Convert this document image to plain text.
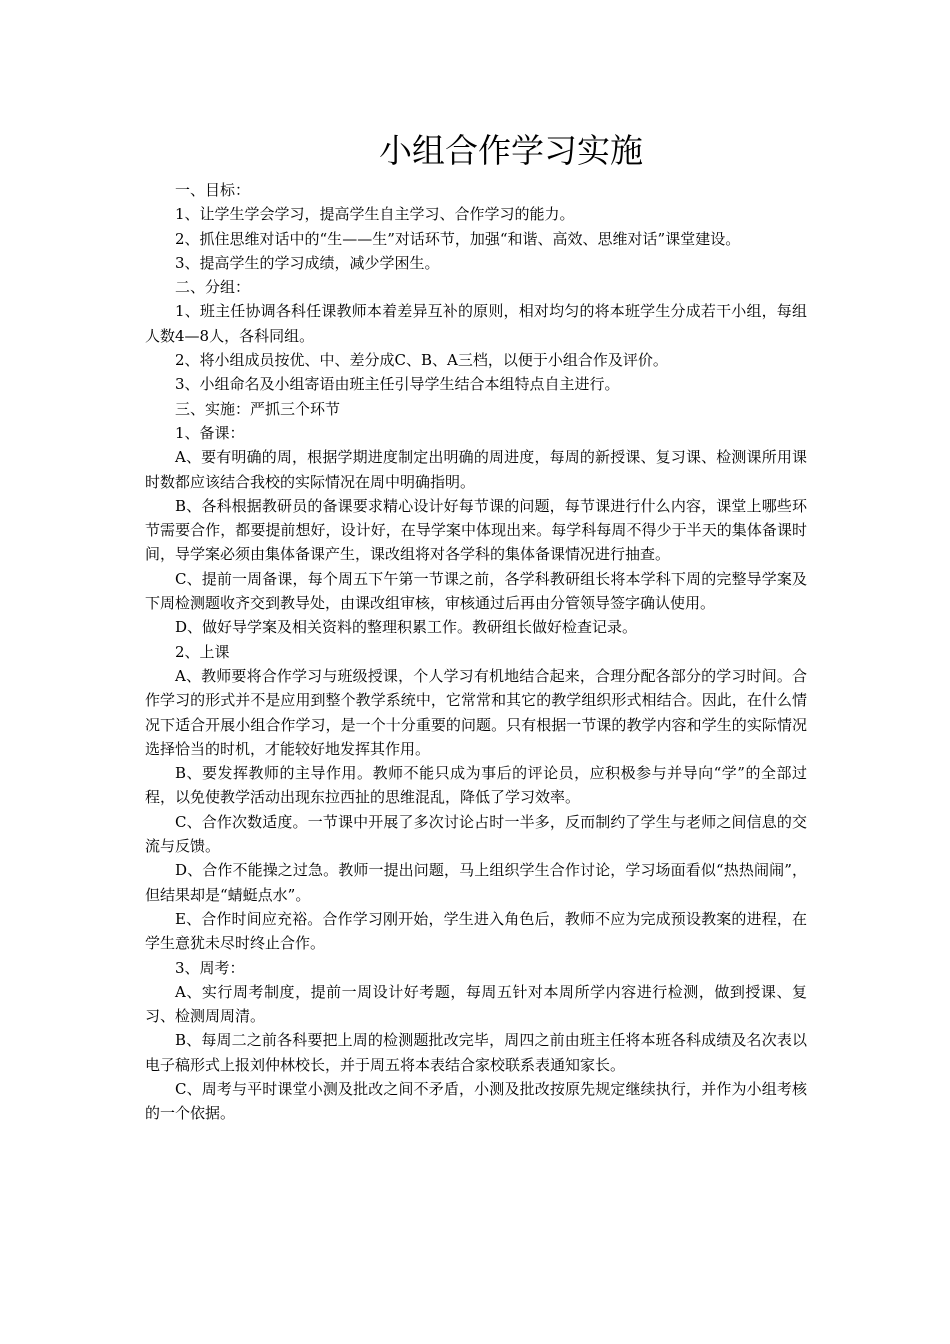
小组合作学习实施

一、目标：

1、让学生学会学习，提高学生自主学习、合作学习的能力。

2、抓住思维对话中的“生——生”对话环节，加强“和谐、高效、思维对话”课堂建设。

3、提高学生的学习成绩，减少学困生。

二、分组：

1、班主任协调各科任课教师本着差异互补的原则，相对均匀的将本班学生分成若干小组，每组人数4—8人，各科同组。

2、将小组成员按优、中、差分成C、B、A三档，以便于小组合作及评价。

3、小组命名及小组寄语由班主任引导学生结合本组特点自主进行。

三、实施：严抓三个环节

1、备课：

A、要有明确的周，根据学期进度制定出明确的周进度，每周的新授课、复习课、检测课所用课时数都应该结合我校的实际情况在周中明确指明。

B、各科根据教研员的备课要求精心设计好每节课的问题，每节课进行什么内容，课堂上哪些环节需要合作，都要提前想好，设计好，在导学案中体现出来。每学科每周不得少于半天的集体备课时间，导学案必须由集体备课产生，课改组将对各学科的集体备课情况进行抽查。

C、提前一周备课，每个周五下午第一节课之前，各学科教研组长将本学科下周的完整导学案及下周检测题收齐交到教导处，由课改组审核，审核通过后再由分管领导签字确认使用。

D、做好导学案及相关资料的整理积累工作。教研组长做好检查记录。

2、上课

A、教师要将合作学习与班级授课，个人学习有机地结合起来，合理分配各部分的学习时间。合作学习的形式并不是应用到整个教学系统中，它常常和其它的教学组织形式相结合。因此，在什么情况下适合开展小组合作学习，是一个十分重要的问题。只有根据一节课的教学内容和学生的实际情况选择恰当的时机，才能较好地发挥其作用。

B、要发挥教师的主导作用。教师不能只成为事后的评论员，应积极参与并导向“学”的全部过程，以免使教学活动出现东拉西扯的思维混乱，降低了学习效率。

C、合作次数适度。一节课中开展了多次讨论占时一半多，反而制约了学生与老师之间信息的交流与反馈。

D、合作不能操之过急。教师一提出问题，马上组织学生合作讨论，学习场面看似“热热闹闹”，但结果却是“蜻蜓点水”。

E、合作时间应充裕。合作学习刚开始，学生进入角色后，教师不应为完成预设教案的进程，在学生意犹未尽时终止合作。

3、周考：

A、实行周考制度，提前一周设计好考题，每周五针对本周所学内容进行检测，做到授课、复习、检测周周清。

B、每周二之前各科要把上周的检测题批改完毕，周四之前由班主任将本班各科成绩及名次表以电子稿形式上报刘仲林校长，并于周五将本表结合家校联系表通知家长。

C、周考与平时课堂小测及批改之间不矛盾，小测及批改按原先规定继续执行，并作为小组考核的一个依据。
